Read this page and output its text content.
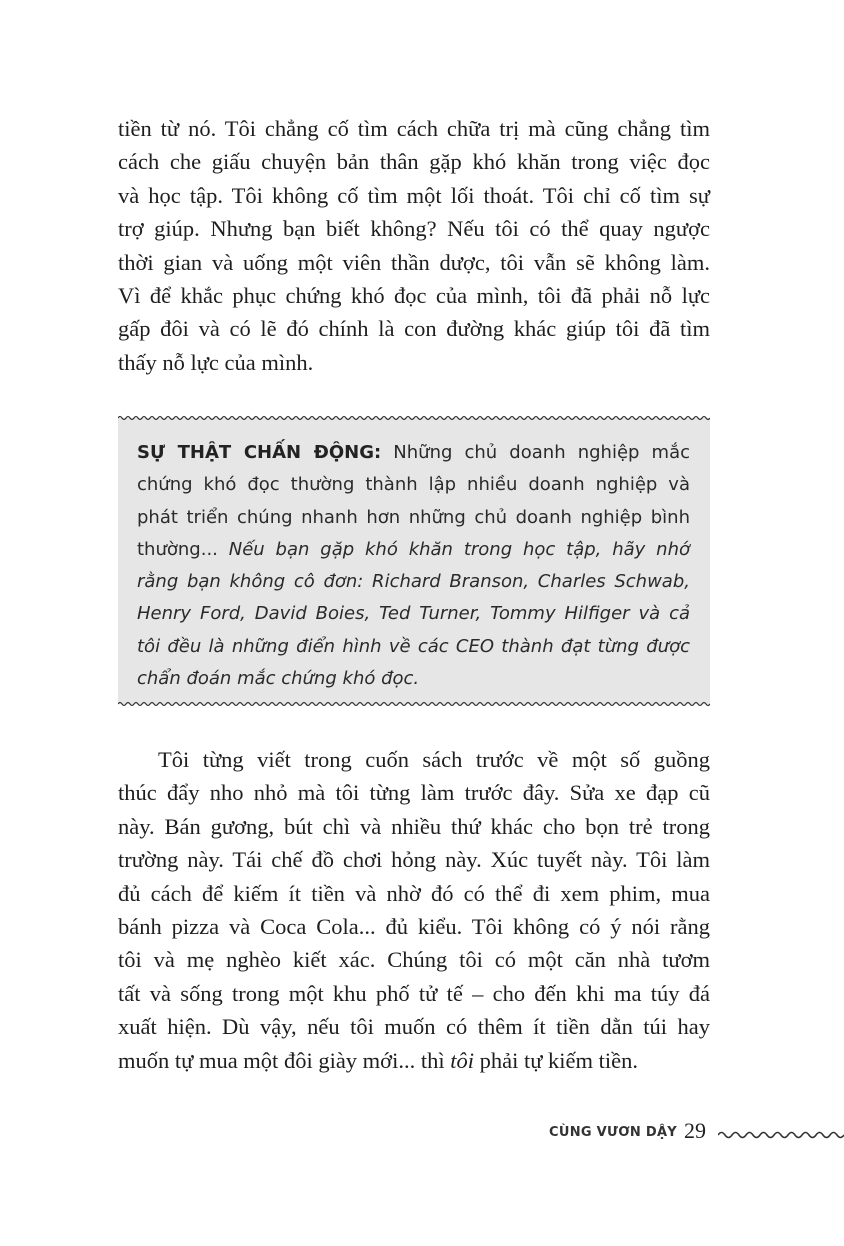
tiền từ nó. Tôi chẳng cố tìm cách chữa trị mà cũng chẳng tìm
cách che giấu chuyện bản thân gặp khó khăn trong việc đọc
và học tập. Tôi không cố tìm một lối thoát. Tôi chỉ cố tìm sự
trợ giúp. Nhưng bạn biết không? Nếu tôi có thể quay ngược
thời gian và uống một viên thần dược, tôi vẫn sẽ không làm.
Vì để khắc phục chứng khó đọc của mình, tôi đã phải nỗ lực
gấp đôi và có lẽ đó chính là con đường khác giúp tôi đã tìm
thấy nỗ lực của mình.
SỰ THẬT CHẤN ĐỘNG: Những chủ doanh nghiệp mắc
chứng khó đọc thường thành lập nhiều doanh nghiệp và
phát triển chúng nhanh hơn những chủ doanh nghiệp bình
thường... Nếu bạn gặp khó khăn trong học tập, hãy nhớ
rằng bạn không cô đơn: Richard Branson, Charles Schwab,
Henry Ford, David Boies, Ted Turner, Tommy Hilfiger và cả
tôi đều là những điển hình về các CEO thành đạt từng được
chẩn đoán mắc chứng khó đọc.
Tôi từng viết trong cuốn sách trước về một số guồng
thúc đẩy nho nhỏ mà tôi từng làm trước đây. Sửa xe đạp cũ
này. Bán gương, bút chì và nhiều thứ khác cho bọn trẻ trong
trường này. Tái chế đồ chơi hỏng này. Xúc tuyết này. Tôi làm
đủ cách để kiếm ít tiền và nhờ đó có thể đi xem phim, mua
bánh pizza và Coca Cola... đủ kiểu. Tôi không có ý nói rằng
tôi và mẹ nghèo kiết xác. Chúng tôi có một căn nhà tươm
tất và sống trong một khu phố tử tế – cho đến khi ma túy đá
xuất hiện. Dù vậy, nếu tôi muốn có thêm ít tiền dằn túi hay
muốn tự mua một đôi giày mới... thì tôi phải tự kiếm tiền.
CÙNG VƯƠN DẬY 29
